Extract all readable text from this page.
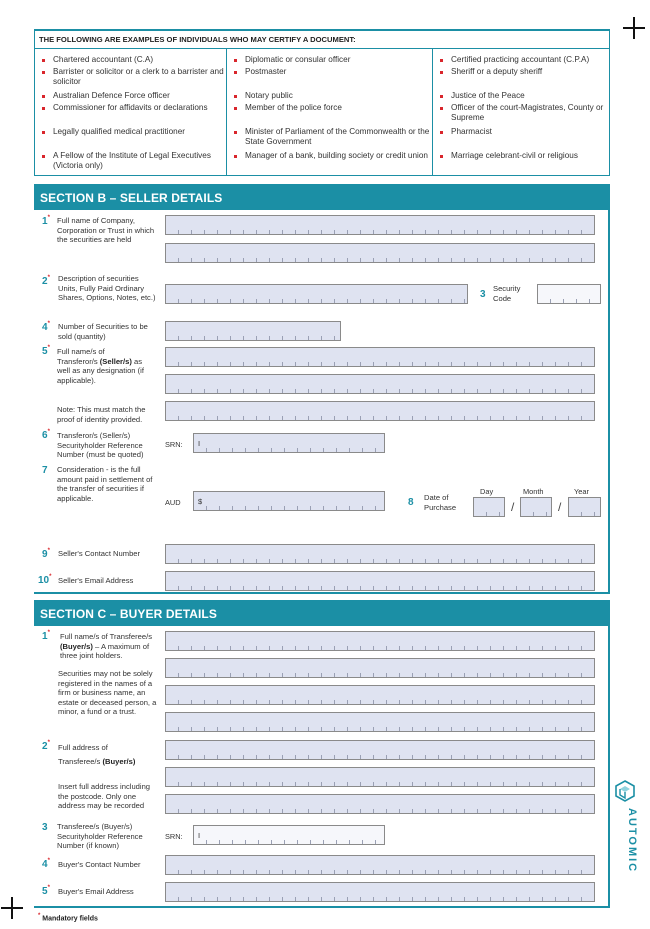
THE FOLLOWING ARE EXAMPLES OF INDIVIDUALS WHO MAY CERTIFY A DOCUMENT:
Chartered accountant (C.A)
Barrister or solicitor or a clerk to a barrister and solicitor
Australian Defence Force officer
Commissioner for affidavits or declarations
Legally qualified medical practitioner
A Fellow of the Institute of Legal Executives (Victoria only)
Diplomatic or consular officer
Postmaster
Notary public
Member of the police force
Minister of Parliament of the Commonwealth or the State Government
Manager of a bank, building society or credit union
Certified practicing accountant (C.P.A)
Sheriff or a deputy sheriff
Justice of the Peace
Officer of the court-Magistrates, County or Supreme
Pharmacist
Marriage celebrant-civil or religious
SECTION B – SELLER DETAILS
1* Full name of Company, Corporation or Trust in which the securities are held
2* Description of securities Units, Fully Paid Ordinary Shares, Options, Notes, etc.)	3
Security Code
4* Number of Securities to be sold (quantity)
5* Full name/s of
Transferor/s (Seller/s) as well as any designation (if applicable).
Note: This must match the proof of identity provided.
6* Transferor/s (Seller/s) Securityholder Reference Number (must be quoted)
SRN: I
7 Consideration - is the full amount paid in settlement of the transfer of securities if applicable.	AUD $	8 Date of Purchase
Day	Month	Year
/	/
9* Seller's Contact Number
10* Seller's Email Address
SECTION C – BUYER DETAILS
1* Full name/s of Transferee/s (Buyer/s) – A maximum of three joint holders.
Securities may not be solely registered in the names of a firm or business name, an estate or deceased person, a minor, a fund or a trust.
2* Full address of
Transferee/s (Buyer/s)
Insert full address including the postcode. Only one address may be recorded
3 Transferee/s (Buyer/s) Securityholder Reference Number (if known)
SRN: I
4* Buyer's Contact Number
5* Buyer's Email Address
* Mandatory fields
AUTOMIC
